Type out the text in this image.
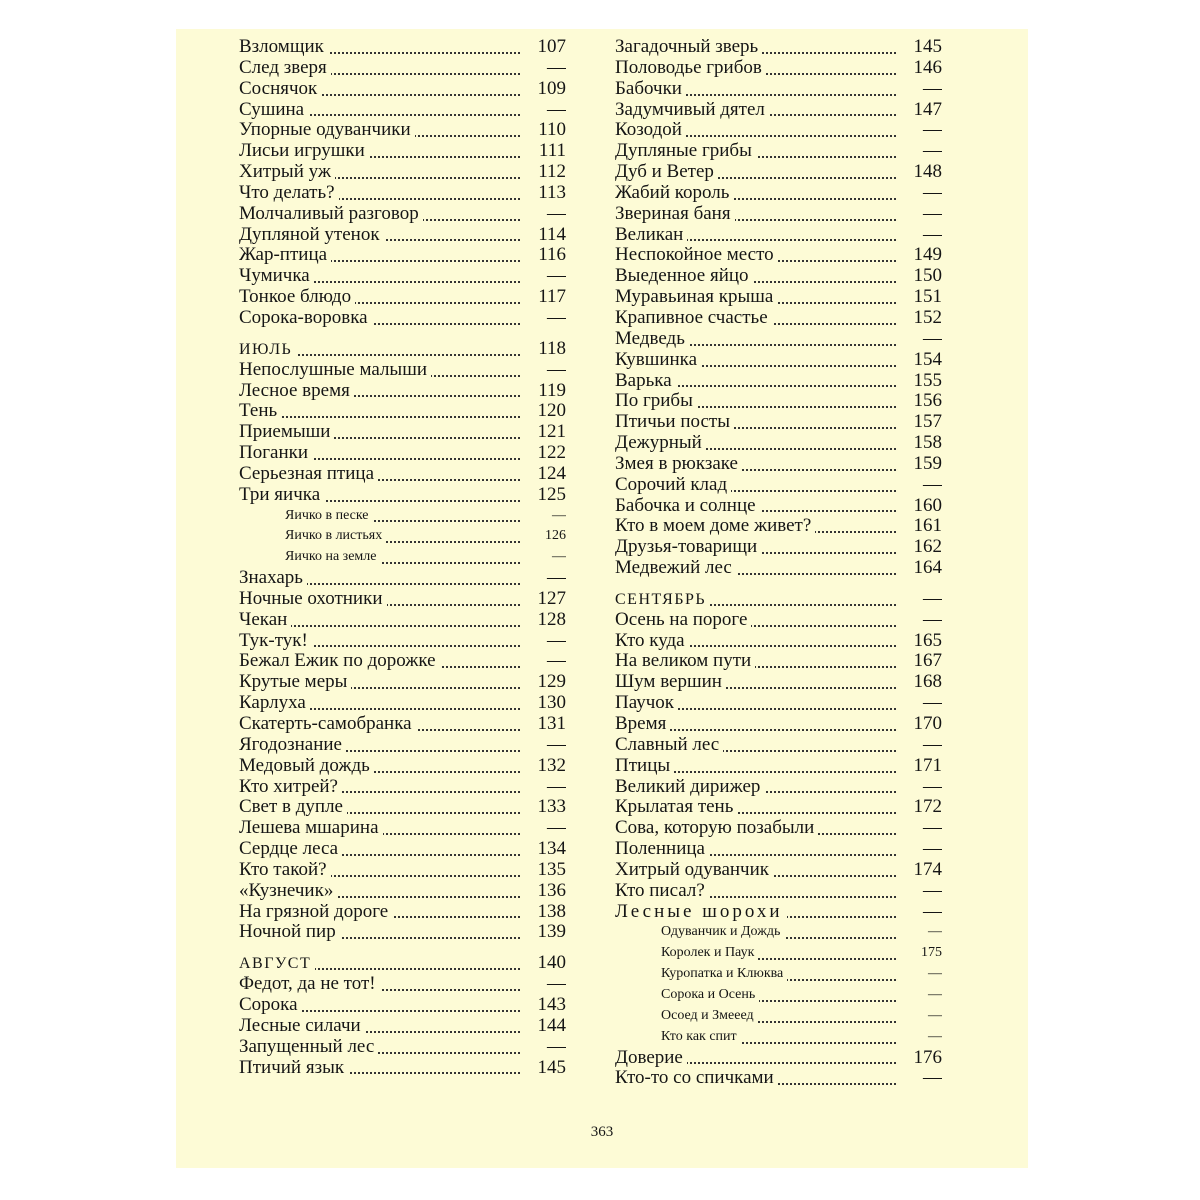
Взломщик	107
След зверя	—
Соснячок	109
Сушина	—
Упорные одуванчики	110
Лисьи игрушки	111
Хитрый уж	112
Что делать?	113
Молчаливый разговор	—
Дупляной утенок	114
Жар-птица	116
Чумичка	—
Тонкое блюдо	117
Сорока-воровка	—
ИЮЛЬ	118
Непослушные малыши	—
Лесное время	119
Тень	120
Приемыши	121
Поганки	122
Серьезная птица	124
Три яичка	125
Яичко в песке	—
Яичко в листьях	126
Яичко на земле	—
Знахарь	—
Ночные охотники	127
Чекан	128
Тук-тук!	—
Бежал Ежик по дорожке	—
Крутые меры	129
Карлуха	130
Скатерть-самобранка	131
Ягодознание	—
Медовый дождь	132
Кто хитрей?	—
Свет в дупле	133
Лешева мшарина	—
Сердце леса	134
Кто такой?	135
«Кузнечик»	136
На грязной дороге	138
Ночной пир	139
АВГУСТ	140
Федот, да не тот!	—
Сорока	143
Лесные силачи	144
Запущенный лес	—
Птичий язык	145
Загадочный зверь	145
Половодье грибов	146
Бабочки	—
Задумчивый дятел	147
Козодой	—
Дупляные грибы	—
Дуб и Ветер	148
Жабий король	—
Звериная баня	—
Великан	—
Неспокойное место	149
Выеденное яйцо	150
Муравьиная крыша	151
Крапивное счастье	152
Медведь	—
Кувшинка	154
Варька	155
По грибы	156
Птичьи посты	157
Дежурный	158
Змея в рюкзаке	159
Сорочий клад	—
Бабочка и солнце	160
Кто в моем доме живет?	161
Друзья-товарищи	162
Медвежий лес	164
СЕНТЯБРЬ	—
Осень на пороге	—
Кто куда	165
На великом пути	167
Шум вершин	168
Паучок	—
Время	170
Славный лес	—
Птицы	171
Великий дирижер	—
Крылатая тень	172
Сова, которую позабыли	—
Поленница	—
Хитрый одуванчик	174
Кто писал?	—
Лесные шорохи	—
Одуванчик и Дождь	—
Королек и Паук	175
Куропатка и Клюква	—
Сорока и Осень	—
Осоед и Змееед	—
Кто как спит	—
Доверие	176
Кто-то со спичками	—
363
